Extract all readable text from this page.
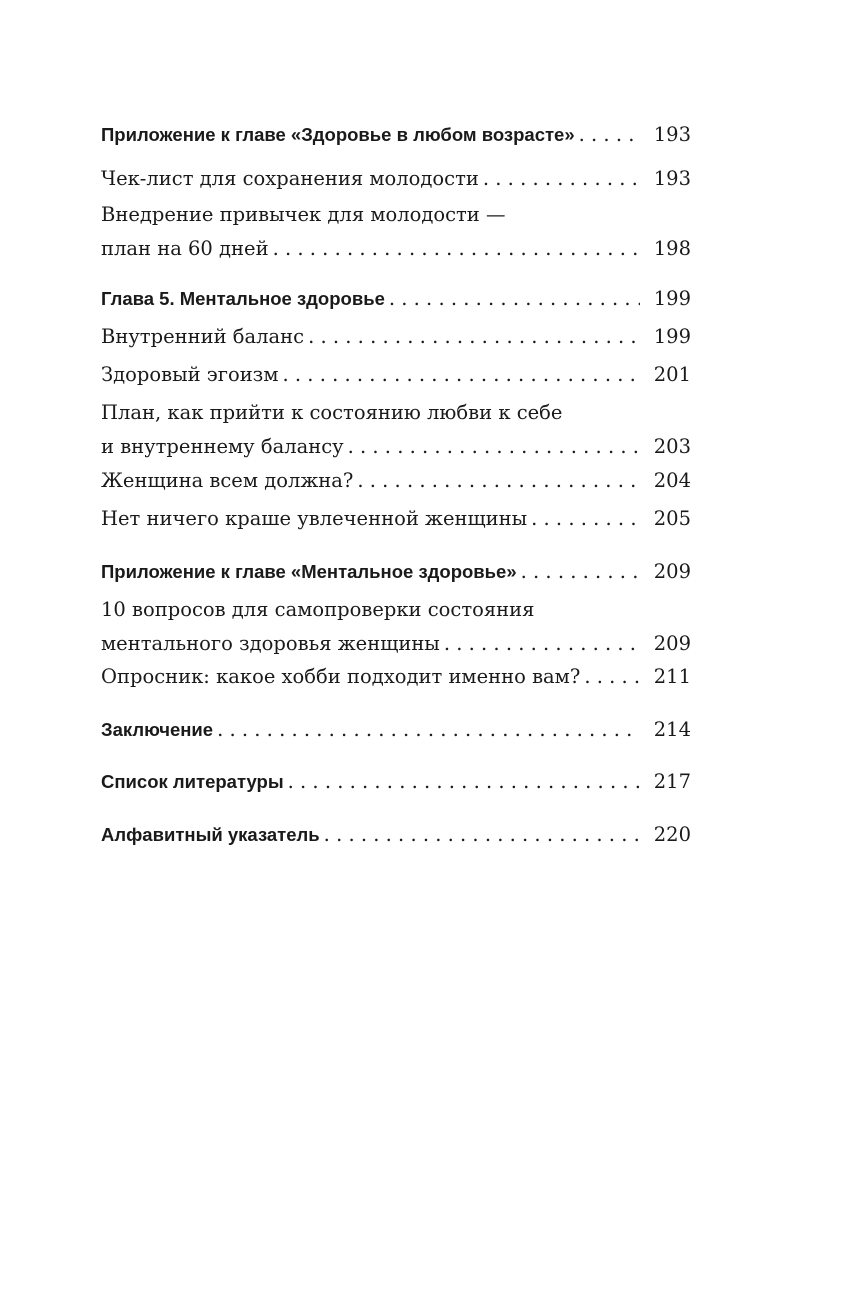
Приложение к главе «Здоровье в любом возрасте» . . .	193
Чек-лист для сохранения молодости . . .	193
Внедрение привычек для молодости —
план на 60 дней . . .	198
Глава 5. Ментальное здоровье . . .	199
Внутренний баланс . . .	199
Здоровый эгоизм . . .	201
План, как прийти к состоянию любви к себе
и внутреннему балансу . . .	203
Женщина всем должна? . . .	204
Нет ничего краше увлеченной женщины . . .	205
Приложение к главе «Ментальное здоровье» . . .	209
10 вопросов для самопроверки состояния
ментального здоровья женщины . . .	209
Опросник: какое хобби подходит именно вам? . . .	211
Заключение . . .	214
Список литературы . . .	217
Алфавитный указатель . . .	220
